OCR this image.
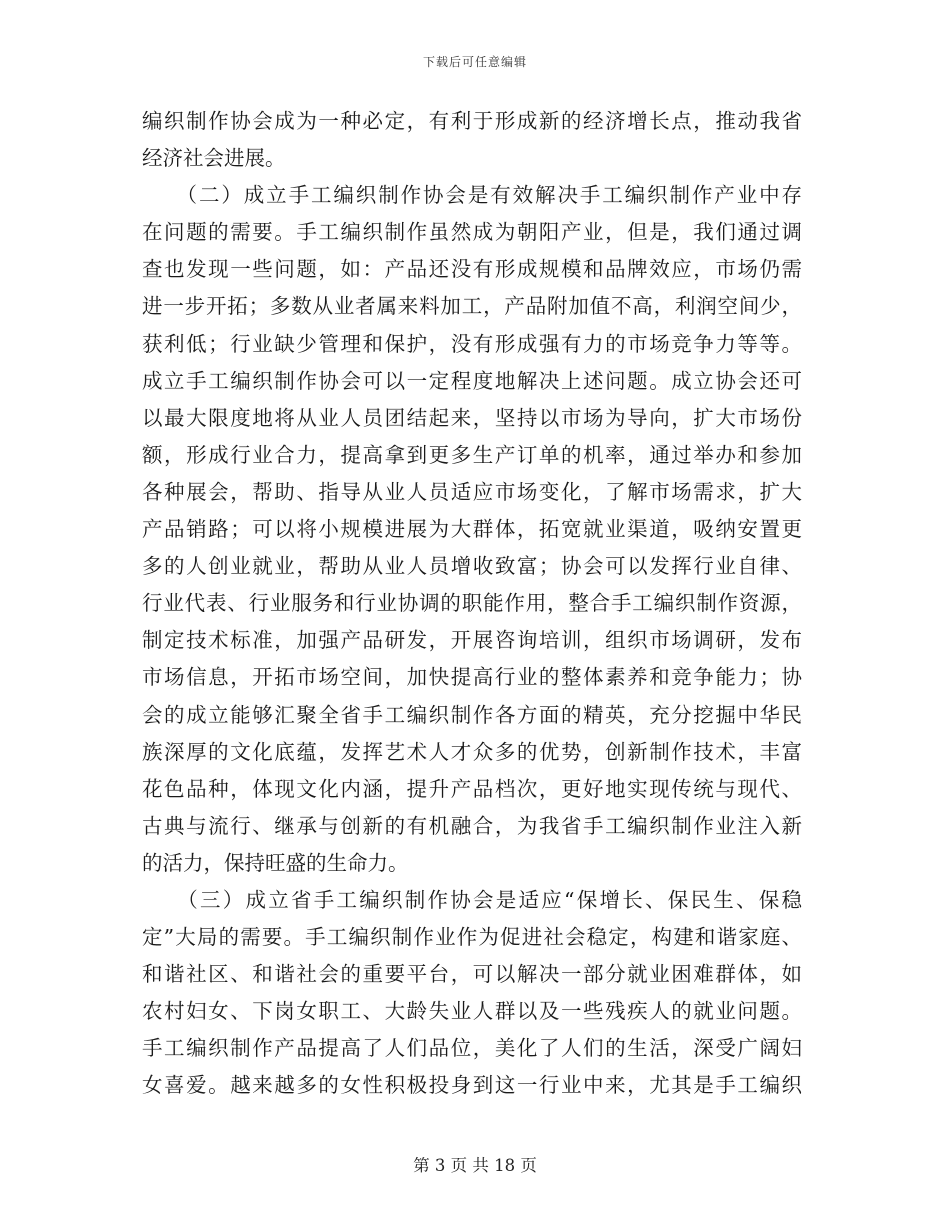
下载后可任意编辑
编织制作协会成为一种必定，有利于形成新的经济增长点，推动我省
经济社会进展。
　　（二）成立手工编织制作协会是有效解决手工编织制作产业中存
在问题的需要。手工编织制作虽然成为朝阳产业，但是，我们通过调
查也发现一些问题，如：产品还没有形成规模和品牌效应，市场仍需
进一步开拓；多数从业者属来料加工，产品附加值不高，利润空间少，
获利低；行业缺少管理和保护，没有形成强有力的市场竞争力等等。
成立手工编织制作协会可以一定程度地解决上述问题。成立协会还可
以最大限度地将从业人员团结起来，坚持以市场为导向，扩大市场份
额，形成行业合力，提高拿到更多生产订单的机率，通过举办和参加
各种展会，帮助、指导从业人员适应市场变化，了解市场需求，扩大
产品销路；可以将小规模进展为大群体，拓宽就业渠道，吸纳安置更
多的人创业就业，帮助从业人员增收致富；协会可以发挥行业自律、
行业代表、行业服务和行业协调的职能作用，整合手工编织制作资源，
制定技术标准，加强产品研发，开展咨询培训，组织市场调研，发布
市场信息，开拓市场空间，加快提高行业的整体素养和竞争能力；协
会的成立能够汇聚全省手工编织制作各方面的精英，充分挖掘中华民
族深厚的文化底蕴，发挥艺术人才众多的优势，创新制作技术，丰富
花色品种，体现文化内涵，提升产品档次，更好地实现传统与现代、
古典与流行、继承与创新的有机融合，为我省手工编织制作业注入新
的活力，保持旺盛的生命力。
　　（三）成立省手工编织制作协会是适应“保增长、保民生、保稳
定”大局的需要。手工编织制作业作为促进社会稳定，构建和谐家庭、
和谐社区、和谐社会的重要平台，可以解决一部分就业困难群体，如
农村妇女、下岗女职工、大龄失业人群以及一些残疾人的就业问题。
手工编织制作产品提高了人们品位，美化了人们的生活，深受广阔妇
女喜爱。越来越多的女性积极投身到这一行业中来，尤其是手工编织
第 3 页 共 18 页
